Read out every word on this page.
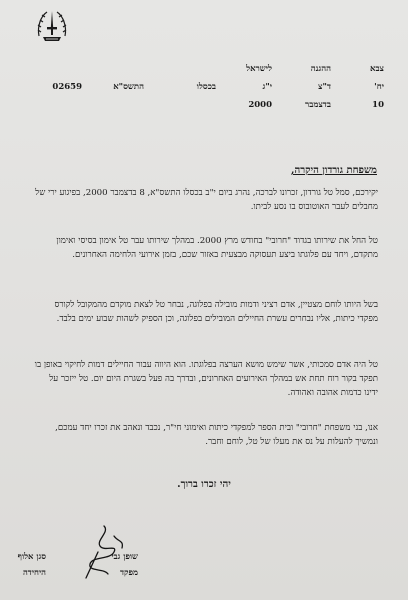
צבא
יח'
10
ההגנה
ד"צ
בדצמבר
לישראל
י"ג
2000

בכסלו

התשס"א

02659

משפחת גורדון היקרה,
יקירכם, סמל טל גורדון, זכרונו לברכה, נהרג ביום י"ב בכסלו התשס"א, 8 בדצמבר 2000, בפיגוע ירי של מחבלים לעבר האוטובוס בו נסע לביתו.
טל החל את שירותו בגדוד "חרובי" בחודש מרץ 2000. במהלך שירותו עבר טל אימון בסיסי ואימון מתקדם, ויחד עם פלוגתו ביצע תעסוקה מבצעית באזור שכם, בזמן אירועי הלחימה האחרונים.
בשל היותו לוחם מצטיין, אדם רציני ודמות מובילה בפלוגה, נבחר טל לצאת מוקדם מהמקובל לקורס מפקדי כיתות, אליו נבחרים עשרת החיילים המובילים בפלוגה, וכן הספיק לשהות שבוע ימים בלבד.
טל היה אדם סמכותי, אשר שימש מושא הערצה בפלוגתו. הוא היווה עבור החיילים דמות לחיקוי באופן בו תפקד בקור רוח תחת אש במהלך האירועים האחרונים, ובדרך בה פעל בשגרת היום יום. טל ייזכר על ידינו כדמות אהובה ואהודה.
אנו, בני משפחת "חרובי" ובית הספר למפקדי כיתות ואימוני חי"ר, נכבד ונאהב את זכרו יחד עמכם, ונמשיך להעלות על נס את מעלו של טל, לוחם וחבר.
יהי זכרו ברוך.
שופן גבי
מפקד
סגן אלוף
היחידה
